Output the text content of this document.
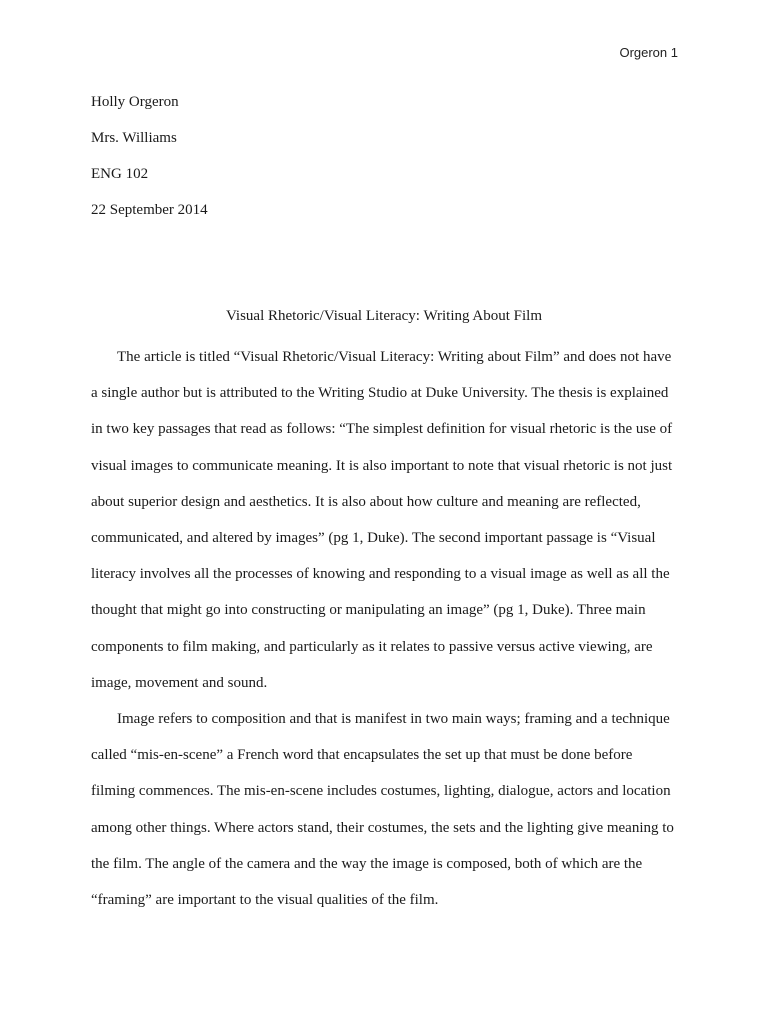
Orgeron 1
Holly Orgeron
Mrs. Williams
ENG 102
22 September 2014
Visual Rhetoric/Visual Literacy: Writing About Film

The article is titled “Visual Rhetoric/Visual Literacy: Writing about Film” and does not have a single author but is attributed to the Writing Studio at Duke University. The thesis is explained in two key passages that read as follows: “The simplest definition for visual rhetoric is the use of visual images to communicate meaning. It is also important to note that visual rhetoric is not just about superior design and aesthetics. It is also about how culture and meaning are reflected, communicated, and altered by images” (pg 1, Duke). The second important passage is “Visual literacy involves all the processes of knowing and responding to a visual image as well as all the thought that might go into constructing or manipulating an image” (pg 1, Duke). Three main components to film making, and particularly as it relates to passive versus active viewing, are image, movement and sound.

Image refers to composition and that is manifest in two main ways; framing and a technique called “mis-en-scene” a French word that encapsulates the set up that must be done before filming commences. The mis-en-scene includes costumes, lighting, dialogue, actors and location among other things. Where actors stand, their costumes, the sets and the lighting give meaning to the film. The angle of the camera and the way the image is composed, both of which are the “framing” are important to the visual qualities of the film.
